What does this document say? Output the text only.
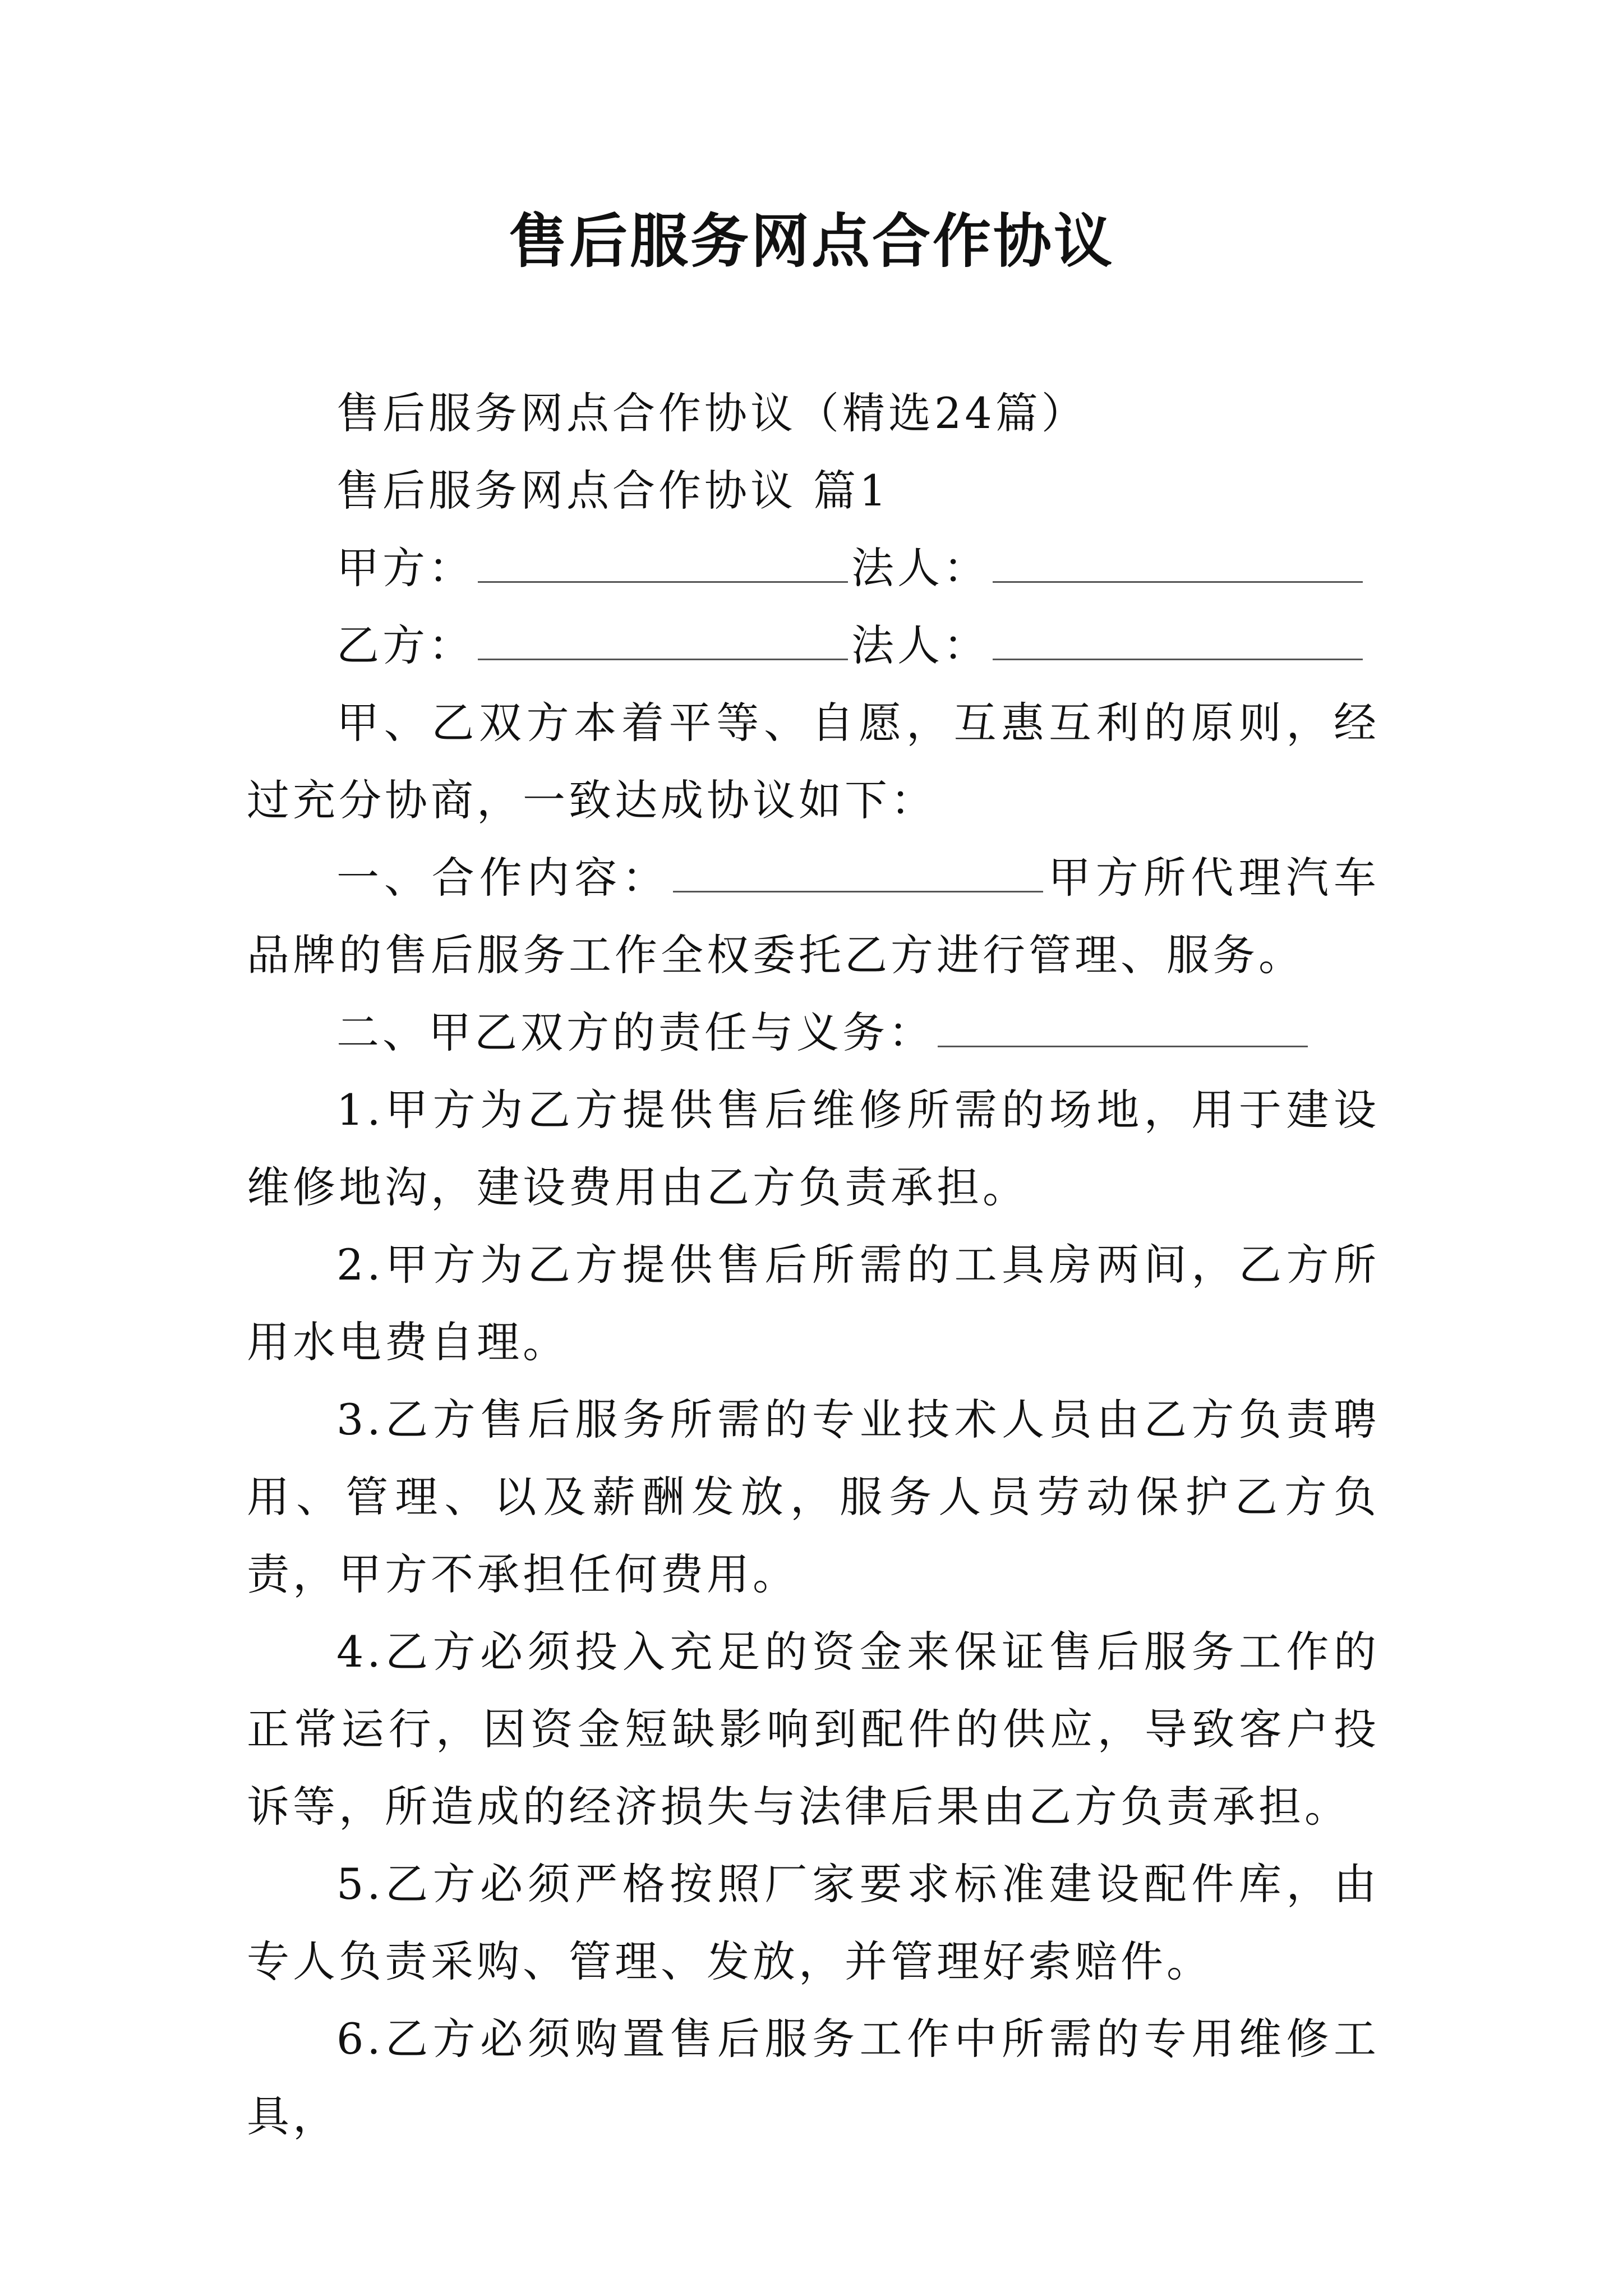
售后服务网点合作协议

售后服务网点合作协议（精选24篇）

售后服务网点合作协议 篇1

甲方：	法人：

乙方：	法人：

甲、乙双方本着平等、自愿，互惠互利的原则，经过充分协商，一致达成协议如下：

一、合作内容：	甲方所代理汽车品牌的售后服务工作全权委托乙方进行管理、服务。

二、甲乙双方的责任与义务：

1.甲方为乙方提供售后维修所需的场地，用于建设维修地沟，建设费用由乙方负责承担。

2.甲方为乙方提供售后所需的工具房两间，乙方所用水电费自理。

3.乙方售后服务所需的专业技术人员由乙方负责聘用、管理、以及薪酬发放，服务人员劳动保护乙方负责，甲方不承担任何费用。

4.乙方必须投入充足的资金来保证售后服务工作的正常运行，因资金短缺影响到配件的供应，导致客户投诉等，所造成的经济损失与法律后果由乙方负责承担。

5.乙方必须严格按照厂家要求标准建设配件库，由专人负责采购、管理、发放，并管理好索赔件。

6.乙方必须购置售后服务工作中所需的专用维修工具，
